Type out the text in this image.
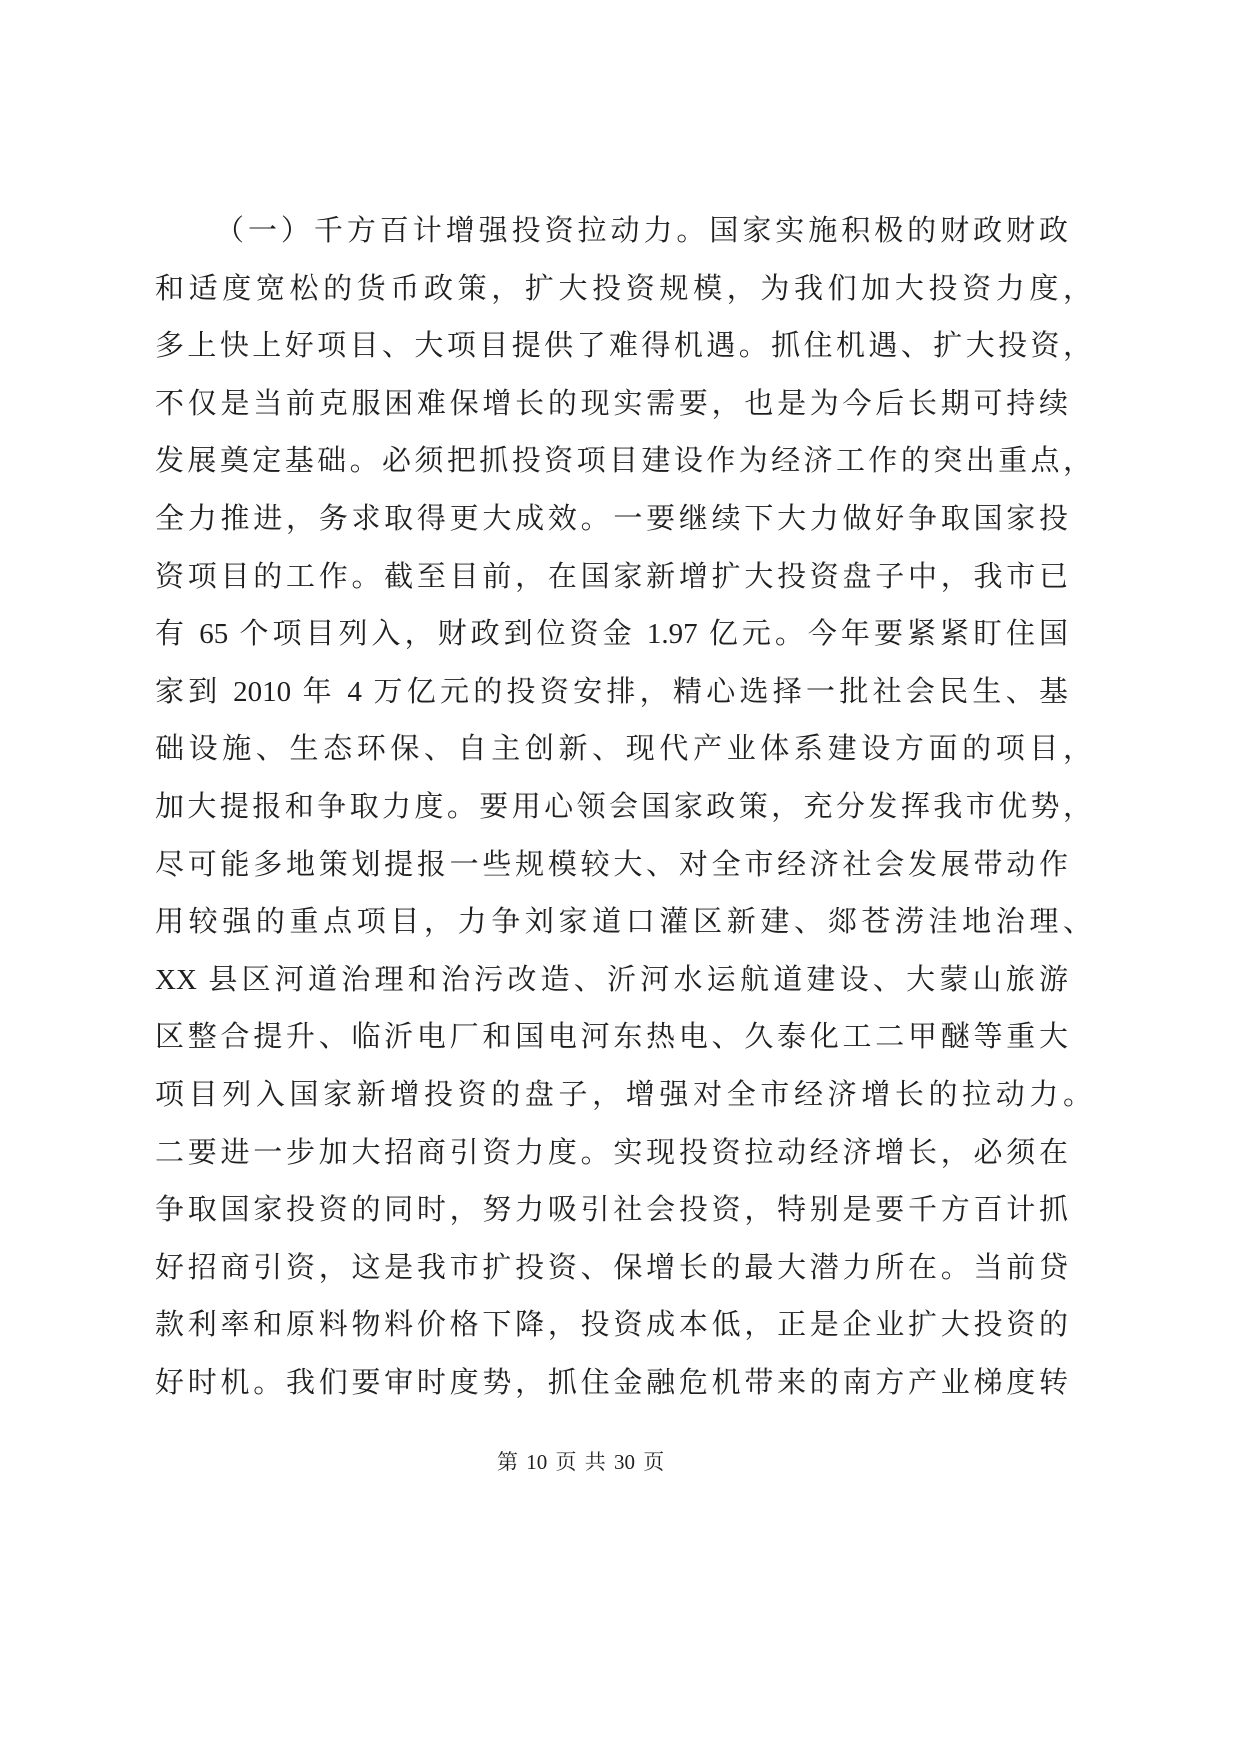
（一）千方百计增强投资拉动力。国家实施积极的财政财政
和适度宽松的货币政策，扩大投资规模，为我们加大投资力度，
多上快上好项目、大项目提供了难得机遇。抓住机遇、扩大投资，
不仅是当前克服困难保增长的现实需要，也是为今后长期可持续
发展奠定基础。必须把抓投资项目建设作为经济工作的突出重点，
全力推进，务求取得更大成效。一要继续下大力做好争取国家投
资项目的工作。截至目前，在国家新增扩大投资盘子中，我市已
有 65 个项目列入，财政到位资金 1.97 亿元。今年要紧紧盯住国
家到 2010 年 4 万亿元的投资安排，精心选择一批社会民生、基
础设施、生态环保、自主创新、现代产业体系建设方面的项目，
加大提报和争取力度。要用心领会国家政策，充分发挥我市优势，
尽可能多地策划提报一些规模较大、对全市经济社会发展带动作
用较强的重点项目，力争刘家道口灌区新建、郯苍涝洼地治理、
XX 县区河道治理和治污改造、沂河水运航道建设、大蒙山旅游
区整合提升、临沂电厂和国电河东热电、久泰化工二甲醚等重大
项目列入国家新增投资的盘子，增强对全市经济增长的拉动力。
二要进一步加大招商引资力度。实现投资拉动经济增长，必须在
争取国家投资的同时，努力吸引社会投资，特别是要千方百计抓
好招商引资，这是我市扩投资、保增长的最大潜力所在。当前贷
款利率和原料物料价格下降，投资成本低，正是企业扩大投资的
好时机。我们要审时度势，抓住金融危机带来的南方产业梯度转
第 10 页 共 30 页
